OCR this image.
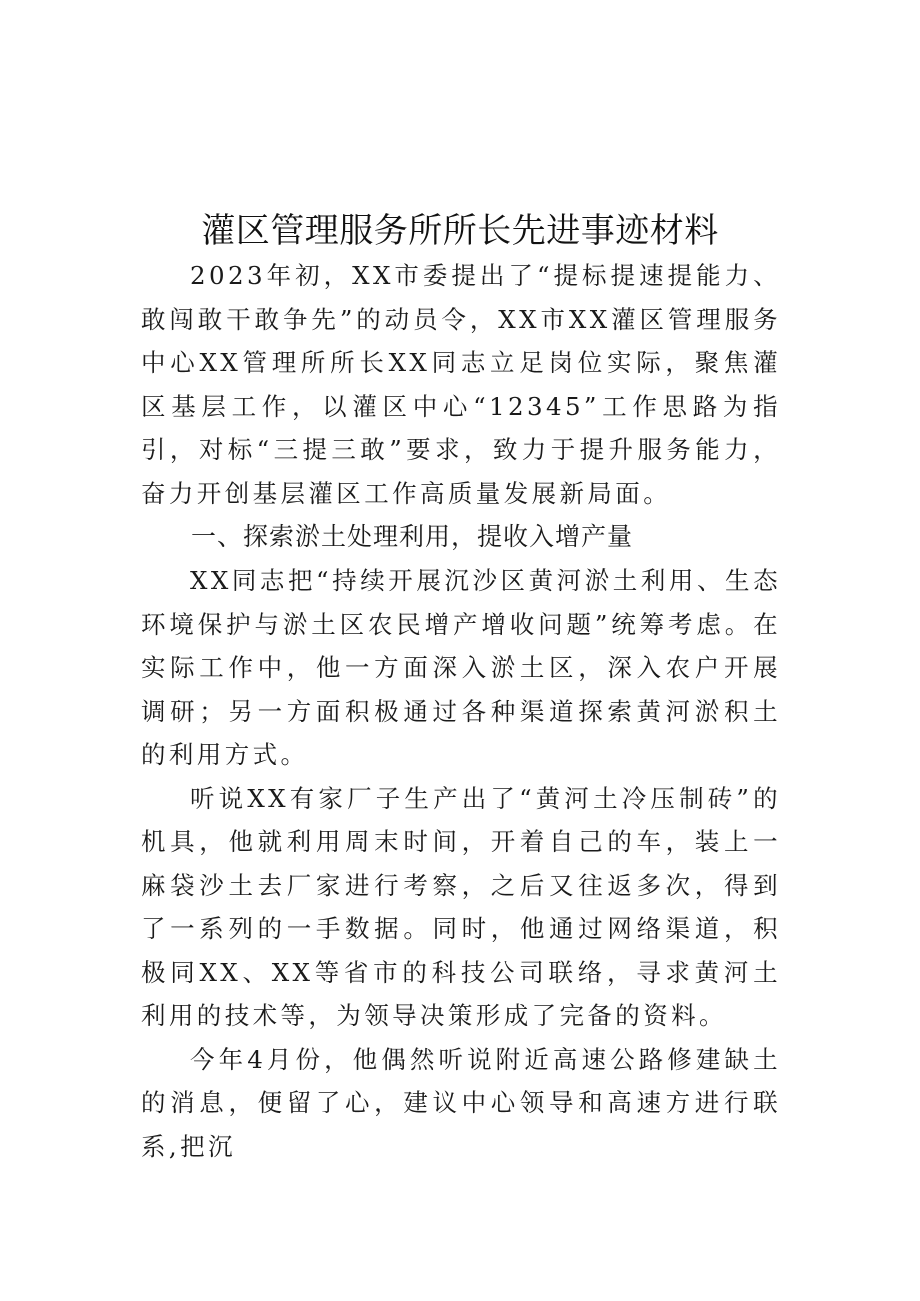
灌区管理服务所所长先进事迹材料

2023年初，XX市委提出了“提标提速提能力、敢闯敢干敢争先”的动员令，XX市XX灌区管理服务中心XX管理所所长XX同志立足岗位实际，聚焦灌区基层工作，以灌区中心“12345”工作思路为指引，对标“三提三敢”要求，致力于提升服务能力，奋力开创基层灌区工作高质量发展新局面。

一、探索淤土处理利用，提收入增产量

XX同志把“持续开展沉沙区黄河淤土利用、生态环境保护与淤土区农民增产增收问题”统筹考虑。在实际工作中，他一方面深入淤土区，深入农户开展调研；另一方面积极通过各种渠道探索黄河淤积土的利用方式。

听说XX有家厂子生产出了“黄河土冷压制砖”的机具，他就利用周末时间，开着自己的车，装上一麻袋沙土去厂家进行考察，之后又往返多次，得到了一系列的一手数据。同时，他通过网络渠道，积极同XX、XX等省市的科技公司联络，寻求黄河土利用的技术等，为领导决策形成了完备的资料。

今年4月份，他偶然听说附近高速公路修建缺土的消息，便留了心，建议中心领导和高速方进行联系,把沉
